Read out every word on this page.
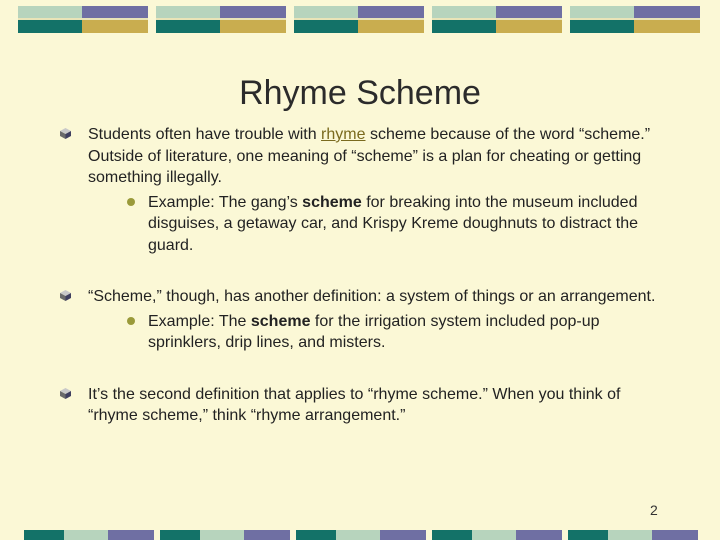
Rhyme Scheme
Students often have trouble with rhyme scheme because of the word “scheme.” Outside of literature, one meaning of “scheme” is a plan for cheating or getting something illegally.
Example: The gang’s scheme for breaking into the museum included disguises, a getaway car, and Krispy Kreme doughnuts to distract the guard.
“Scheme,” though, has another definition: a system of things or an arrangement.
Example: The scheme for the irrigation system included pop-up sprinklers, drip lines, and misters.
It’s the second definition that applies to “rhyme scheme.” When you think of “rhyme scheme,” think “rhyme arrangement.”
2
